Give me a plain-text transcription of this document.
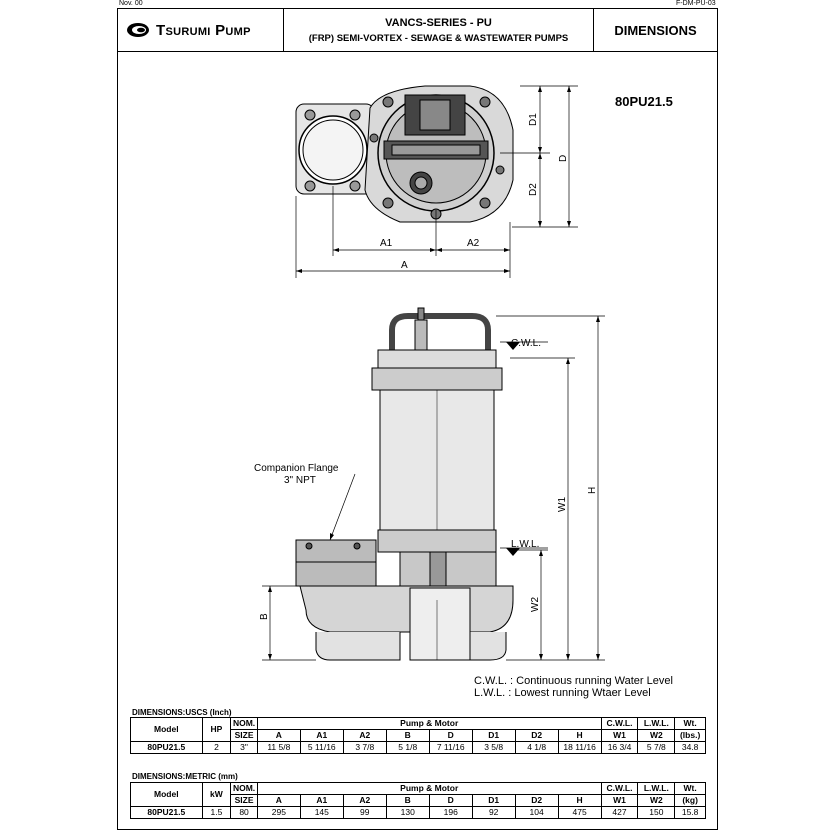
Nov. 00	F-DM-PU-03
Tsurumi Pump	VANCS-SERIES - PU
(FRP) SEMI-VORTEX - SEWAGE & WASTEWATER PUMPS
DIMENSIONS
80PU21.5
A1	A2
A
D1
D2
D
H
W1
W2
B
C.W.L.
L.W.L.
Companion Flange
3" NPT
C.W.L. : Continuous running Water Level
L.W.L. : Lowest running Wtaer Level
DIMENSIONS:USCS (Inch)
Model	HP	NOM.	Pump & Motor								C.W.L.	L.W.L.	Wt.
		SIZE	A	A1	A2	B	D	D1	D2	H	W1	W2	(lbs.)
80PU21.5	2	3"	11 5/8	5 11/16	3 7/8	5 1/8	7 11/16	3 5/8	4 1/8	18 11/16	16 3/4	5 7/8	34.8
DIMENSIONS:METRIC (mm)
Model	kW	NOM.	Pump & Motor								C.W.L.	L.W.L.	Wt.
		SIZE	A	A1	A2	B	D	D1	D2	H	W1	W2	(kg)
80PU21.5	1.5	80	295	145	99	130	196	92	104	475	427	150	15.8
